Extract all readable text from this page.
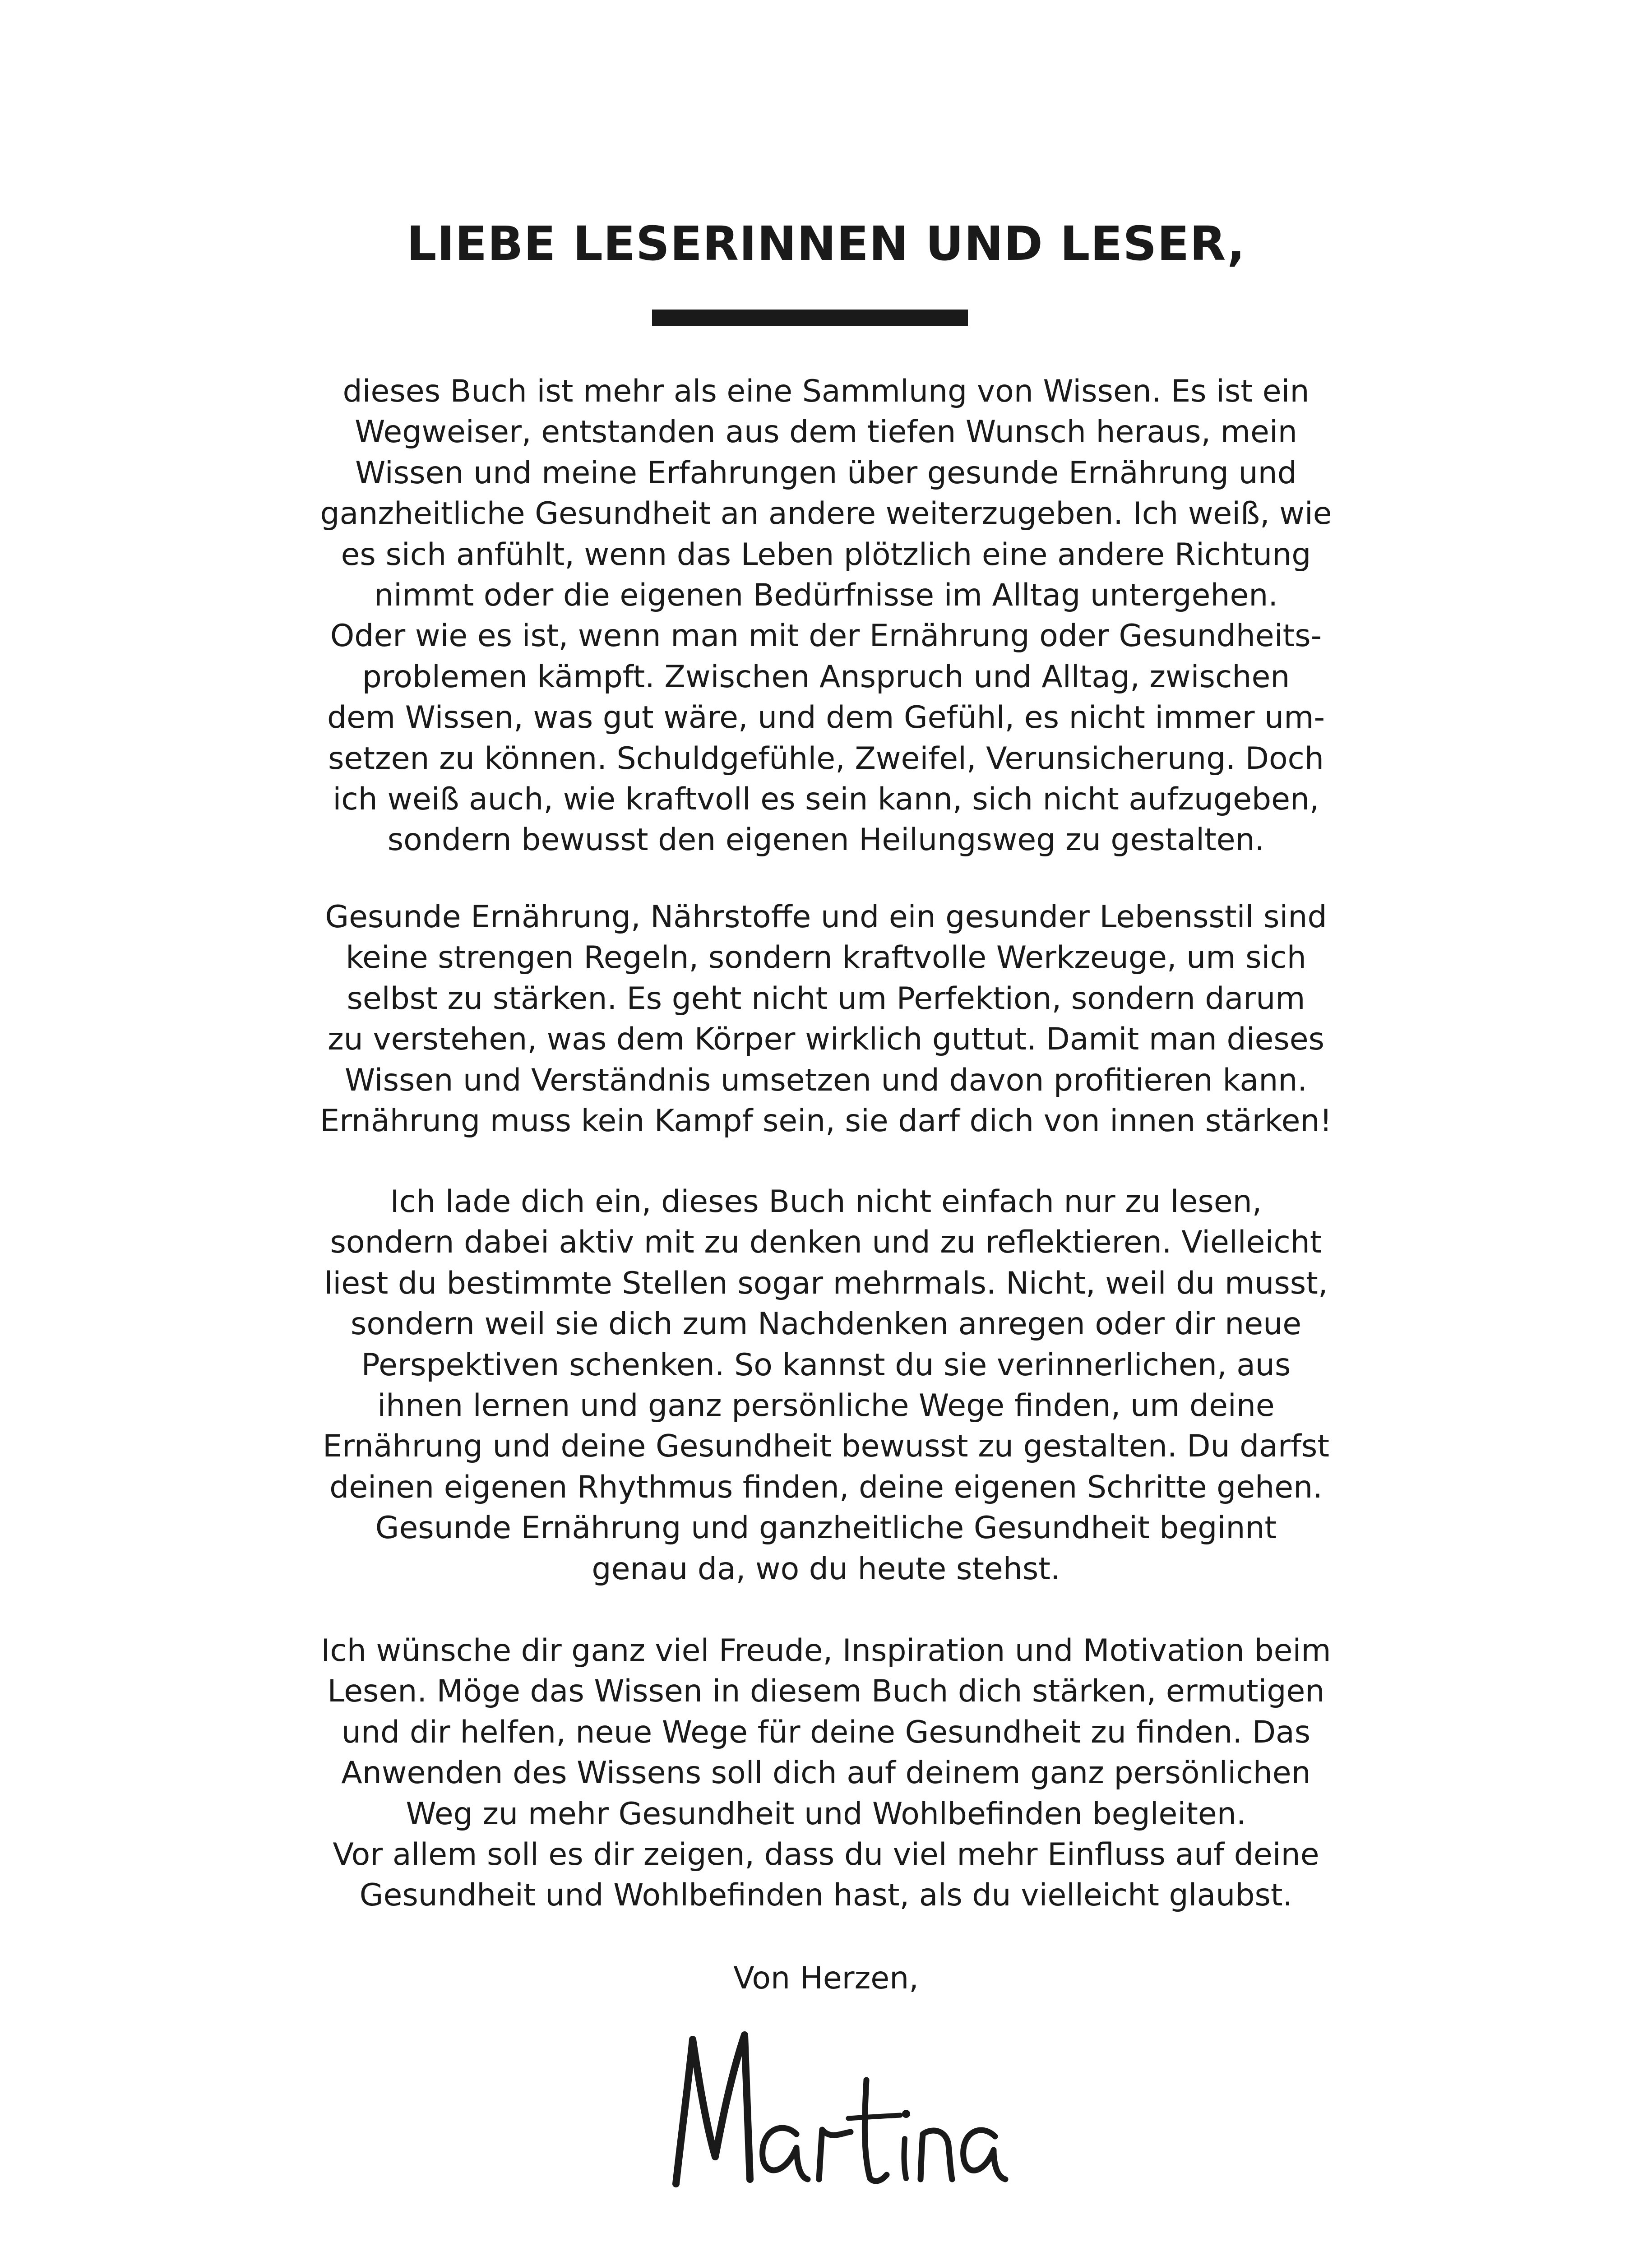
LIEBE LESERINNEN UND LESER,

dieses Buch ist mehr als eine Sammlung von Wissen. Es ist ein
Wegweiser, entstanden aus dem tiefen Wunsch heraus, mein
Wissen und meine Erfahrungen über gesunde Ernährung und
ganzheitliche Gesundheit an andere weiterzugeben. Ich weiß, wie
es sich anfühlt, wenn das Leben plötzlich eine andere Richtung
nimmt oder die eigenen Bedürfnisse im Alltag untergehen.
Oder wie es ist, wenn man mit der Ernährung oder Gesundheits-
problemen kämpft. Zwischen Anspruch und Alltag, zwischen
dem Wissen, was gut wäre, und dem Gefühl, es nicht immer um-
setzen zu können. Schuldgefühle, Zweifel, Verunsicherung. Doch
ich weiß auch, wie kraftvoll es sein kann, sich nicht aufzugeben,
sondern bewusst den eigenen Heilungsweg zu gestalten.

Gesunde Ernährung, Nährstoffe und ein gesunder Lebensstil sind
keine strengen Regeln, sondern kraftvolle Werkzeuge, um sich
selbst zu stärken. Es geht nicht um Perfektion, sondern darum
zu verstehen, was dem Körper wirklich guttut. Damit man dieses
Wissen und Verständnis umsetzen und davon profitieren kann.
Ernährung muss kein Kampf sein, sie darf dich von innen stärken!

Ich lade dich ein, dieses Buch nicht einfach nur zu lesen,
sondern dabei aktiv mit zu denken und zu reflektieren. Vielleicht
liest du bestimmte Stellen sogar mehrmals. Nicht, weil du musst,
sondern weil sie dich zum Nachdenken anregen oder dir neue
Perspektiven schenken. So kannst du sie verinnerlichen, aus
ihnen lernen und ganz persönliche Wege finden, um deine
Ernährung und deine Gesundheit bewusst zu gestalten. Du darfst
deinen eigenen Rhythmus finden, deine eigenen Schritte gehen.
Gesunde Ernährung und ganzheitliche Gesundheit beginnt
genau da, wo du heute stehst.

Ich wünsche dir ganz viel Freude, Inspiration und Motivation beim
Lesen. Möge das Wissen in diesem Buch dich stärken, ermutigen
und dir helfen, neue Wege für deine Gesundheit zu finden. Das
Anwenden des Wissens soll dich auf deinem ganz persönlichen
Weg zu mehr Gesundheit und Wohlbefinden begleiten.
Vor allem soll es dir zeigen, dass du viel mehr Einfluss auf deine
Gesundheit und Wohlbefinden hast, als du vielleicht glaubst.

Von Herzen,
